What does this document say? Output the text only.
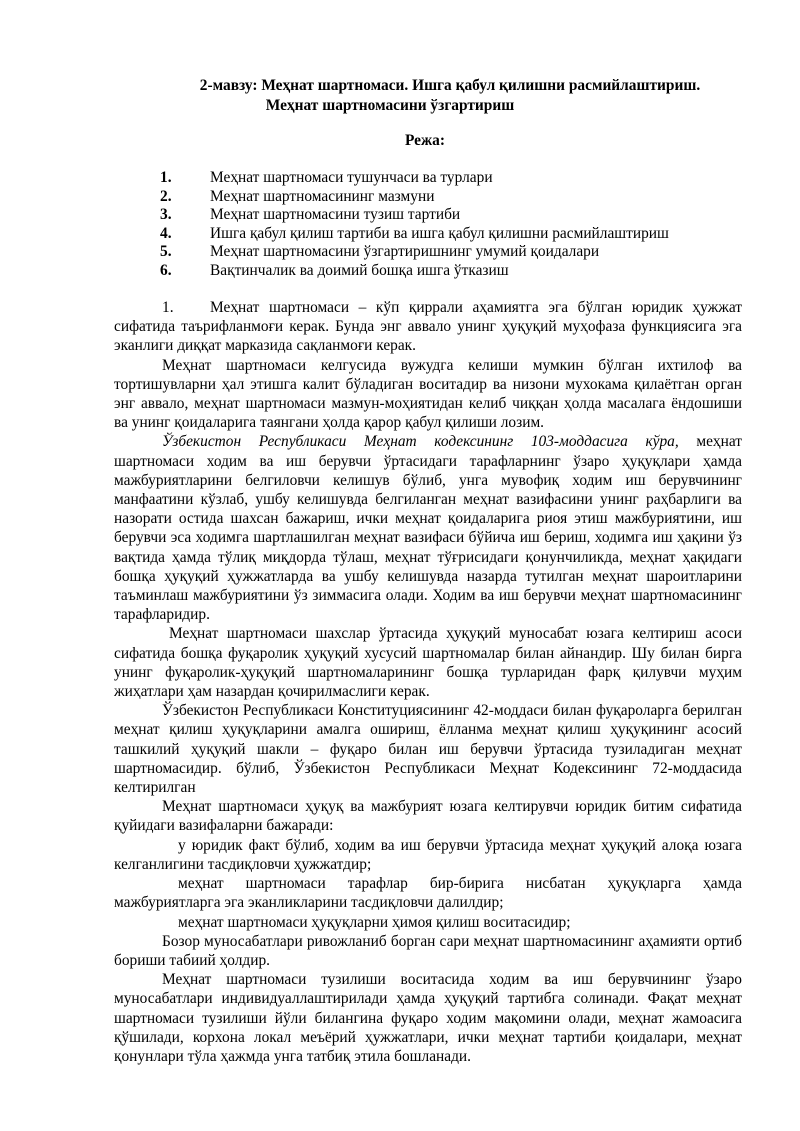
2-мавзу: Меҳнат шартномаси. Ишга қабул қилишни расмийлаштириш.
Меҳнат шартномасини ўзгартириш
Режа:
1.	Меҳнат шартномаси тушунчаси ва турлари
2.	Меҳнат шартномасининг мазмуни
3.	Меҳнат шартномасини тузиш тартиби
4.	Ишга қабул қилиш тартиби ва ишга қабул қилишни расмийлаштириш
5.	Меҳнат шартномасини ўзгартиришнинг умумий қоидалари
6.	Вақтинчалик ва доимий бошқа ишга ўтказиш

1. Меҳнат шартномаси – кўп қиррали аҳамиятга эга бўлган юридик ҳужжат сифатида таърифланмоғи керак. Бунда энг аввало унинг ҳуқуқий муҳофаза функциясига эга эканлиги диққат марказида сақланмоғи керак.

Меҳнат шартномаси келгусида вужудга келиши мумкин бўлган ихтилоф ва тортишувларни ҳал этишга калит бўладиган воситадир ва низони мухокама қилаётган орган энг аввало, меҳнат шартномаси мазмун-моҳиятидан келиб чиққан ҳолда масалага ёндошиши ва унинг қоидаларига таянгани ҳолда қарор қабул қилиши лозим.

Ўзбекистон Республикаси Меҳнат кодексининг 103-моддасига кўра, меҳнат шартномаси ходим ва иш берувчи ўртасидаги тарафларнинг ўзаро ҳуқуқлари ҳамда мажбуриятларини белгиловчи келишув бўлиб, унга мувофиқ ходим иш берувчининг манфаатини кўзлаб, ушбу келишувда белгиланган меҳнат вазифасини унинг раҳбарлиги ва назорати остида шахсан бажариш, ички меҳнат қоидаларига риоя этиш мажбуриятини, иш берувчи эса ходимга шартлашилган меҳнат вазифаси бўйича иш бериш, ходимга иш ҳақини ўз вақтида ҳамда тўлиқ миқдорда тўлаш, меҳнат тўғрисидаги қонунчиликда, меҳнат ҳақидаги бошқа ҳуқуқий ҳужжатларда ва ушбу келишувда назарда тутилган меҳнат шароитларини таъминлаш мажбуриятини ўз зиммасига олади. Ходим ва иш берувчи меҳнат шартномасининг тарафларидир.

Меҳнат шартномаси шахслар ўртасида ҳуқуқий муносабат юзага келтириш асоси сифатида бошқа фуқаролик ҳуқуқий хусусий шартномалар билан айнандир. Шу билан бирга унинг фуқаролик-ҳуқуқий шартномаларининг бошқа турларидан фарқ қилувчи муҳим жиҳатлари ҳам назардан қочирилмаслиги керак.

Ўзбекистон Республикаси Конституциясининг 42-моддаси билан фуқароларга берилган меҳнат қилиш ҳуқуқларини амалга ошириш, ёлланма меҳнат қилиш ҳуқуқининг асосий ташкилий ҳуқуқий шакли – фуқаро билан иш берувчи ўртасида тузиладиган меҳнат шартномасидир. бўлиб, Ўзбекистон Республикаси Меҳнат Кодексининг 72-моддасида келтирилган

Меҳнат шартномаси ҳуқуқ ва мажбурият юзага келтирувчи юридик битим сифатида қуйидаги вазифаларни бажаради:

у юридик факт бўлиб, ходим ва иш берувчи ўртасида меҳнат ҳуқуқий алоқа юзага келганлигини тасдиқловчи ҳужжатдир;

меҳнат шартномаси тарафлар бир-бирига нисбатан ҳуқуқларга ҳамда мажбуриятларга эга эканликларини тасдиқловчи далилдир;

меҳнат шартномаси ҳуқуқларни ҳимоя қилиш воситасидир;

Бозор муносабатлари ривожланиб борган сари меҳнат шартномасининг аҳамияти ортиб бориши табиий ҳолдир.

Меҳнат шартномаси тузилиши воситасида ходим ва иш берувчининг ўзаро муносабатлари индивидуаллаштирилади ҳамда ҳуқуқий тартибга солинади. Фақат меҳнат шартномаси тузилиши йўли билангина фуқаро ходим мақомини олади, меҳнат жамоасига қўшилади, корхона локал меъёрий ҳужжатлари, ички меҳнат тартиби қоидалари, меҳнат қонунлари тўла ҳажмда унга татбиқ этила бошланади.
